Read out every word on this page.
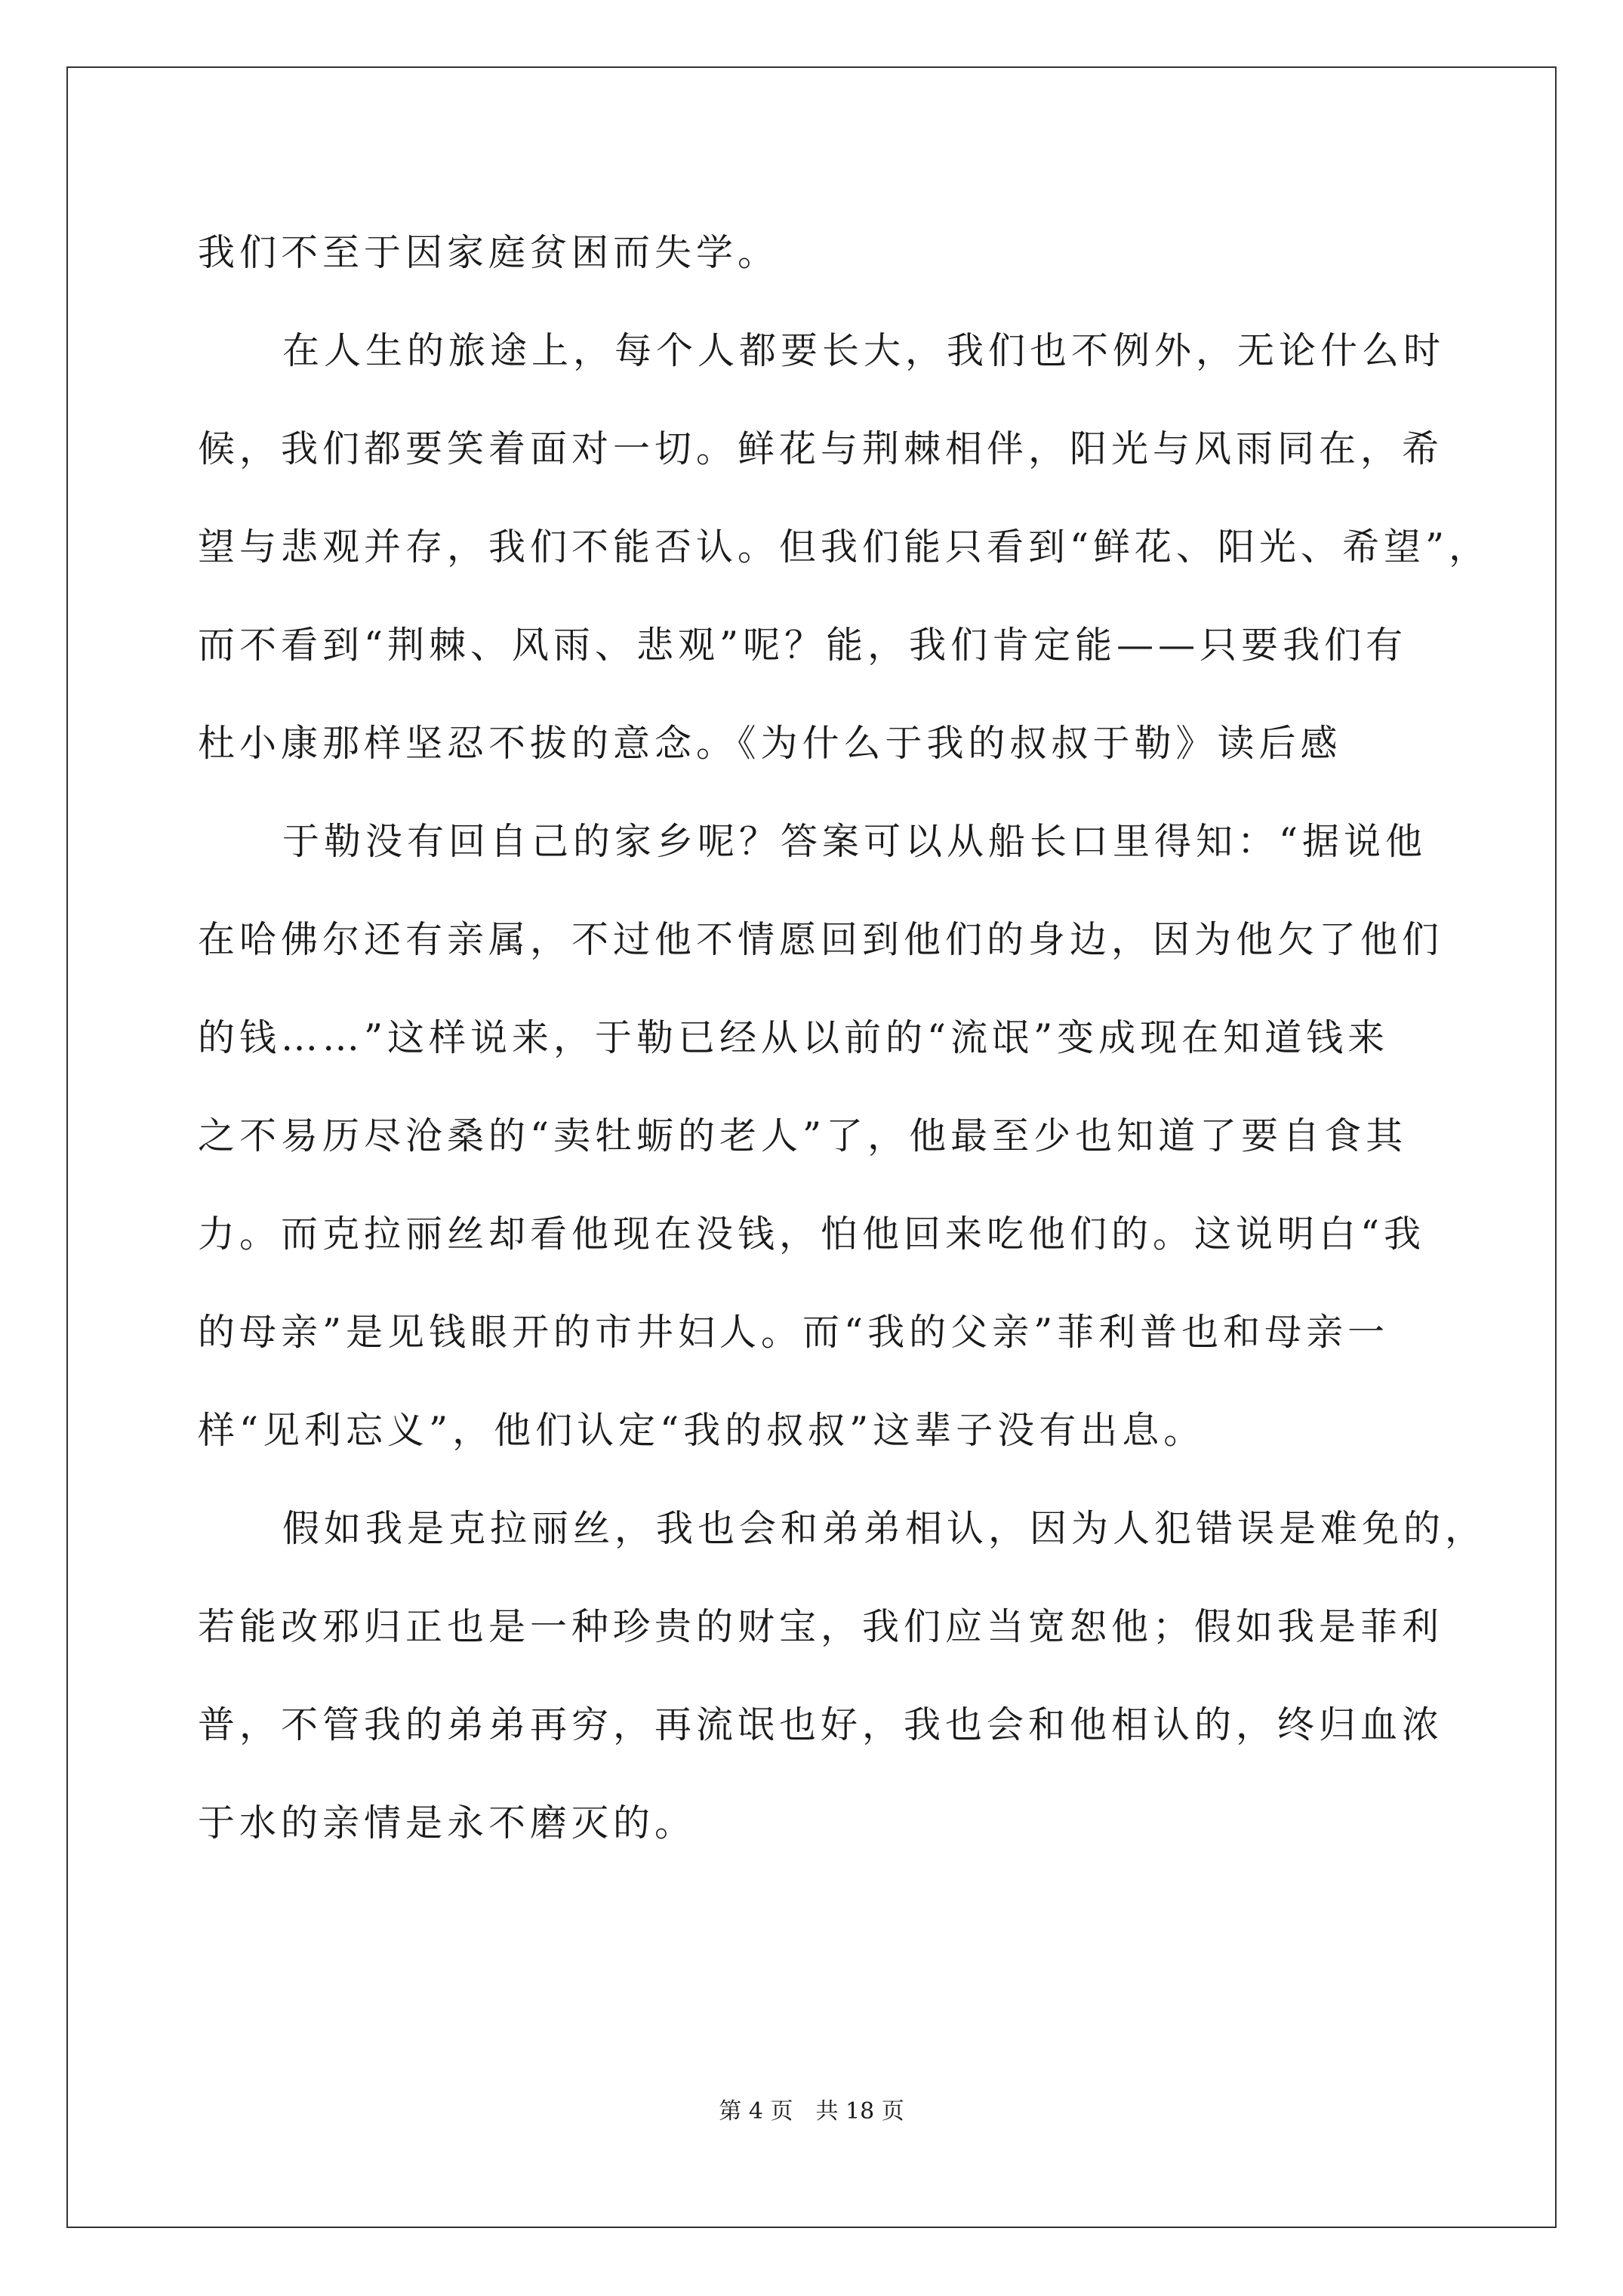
我们不至于因家庭贫困而失学。
在人生的旅途上，每个人都要长大，我们也不例外，无论什么时
候，我们都要笑着面对一切。鲜花与荆棘相伴，阳光与风雨同在，希
望与悲观并存，我们不能否认。但我们能只看到“鲜花、阳光、希望”，
而不看到“荆棘、风雨、悲观”呢？能，我们肯定能——只要我们有
杜小康那样坚忍不拔的意念。《为什么于我的叔叔于勒》读后感
于勒没有回自己的家乡呢？答案可以从船长口里得知：“据说他
在哈佛尔还有亲属，不过他不情愿回到他们的身边，因为他欠了他们
的钱……”这样说来，于勒已经从以前的“流氓”变成现在知道钱来
之不易历尽沧桑的“卖牡蛎的老人”了，他最至少也知道了要自食其
力。而克拉丽丝却看他现在没钱，怕他回来吃他们的。这说明白“我
的母亲”是见钱眼开的市井妇人。而“我的父亲”菲利普也和母亲一
样“见利忘义”，他们认定“我的叔叔”这辈子没有出息。
假如我是克拉丽丝，我也会和弟弟相认，因为人犯错误是难免的，
若能改邪归正也是一种珍贵的财宝，我们应当宽恕他；假如我是菲利
普，不管我的弟弟再穷，再流氓也好，我也会和他相认的，终归血浓
于水的亲情是永不磨灭的。
第 4 页　共 18 页
